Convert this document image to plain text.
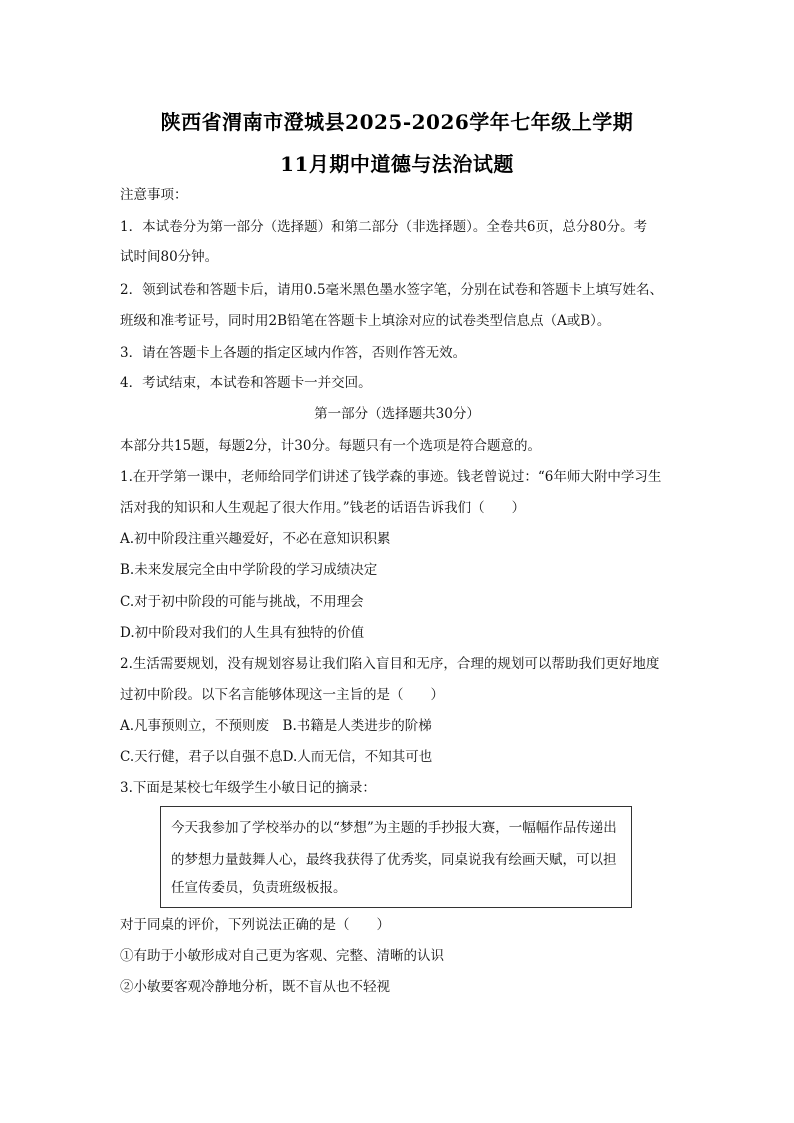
陕西省渭南市澄城县2025-2026学年七年级上学期
11月期中道德与法治试题
注意事项：
1．本试卷分为第一部分（选择题）和第二部分（非选择题）。全卷共6页，总分80分。考
试时间80分钟。
2．领到试卷和答题卡后，请用0.5毫米黑色墨水签字笔，分别在试卷和答题卡上填写姓名、
班级和准考证号，同时用2B铅笔在答题卡上填涂对应的试卷类型信息点（A或B）。
3．请在答题卡上各题的指定区域内作答，否则作答无效。
4．考试结束，本试卷和答题卡一并交回。
第一部分（选择题共30分）
本部分共15题，每题2分，计30分。每题只有一个选项是符合题意的。
1.在开学第一课中，老师给同学们讲述了钱学森的事迹。钱老曾说过：“6年师大附中学习生
活对我的知识和人生观起了很大作用。”钱老的话语告诉我们（　　）
A.初中阶段注重兴趣爱好，不必在意知识积累
B.未来发展完全由中学阶段的学习成绩决定
C.对于初中阶段的可能与挑战，不用理会
D.初中阶段对我们的人生具有独特的价值
2.生活需要规划，没有规划容易让我们陷入盲目和无序，合理的规划可以帮助我们更好地度
过初中阶段。以下名言能够体现这一主旨的是（　　）
A.凡事预则立，不预则废　B.书籍是人类进步的阶梯
C.天行健，君子以自强不息D.人而无信，不知其可也
3.下面是某校七年级学生小敏日记的摘录：
今天我参加了学校举办的以“梦想”为主题的手抄报大赛，一幅幅作品传递出
的梦想力量鼓舞人心，最终我获得了优秀奖，同桌说我有绘画天赋，可以担
任宣传委员，负责班级板报。
对于同桌的评价，下列说法正确的是（　　）
①有助于小敏形成对自己更为客观、完整、清晰的认识
②小敏要客观冷静地分析，既不盲从也不轻视
